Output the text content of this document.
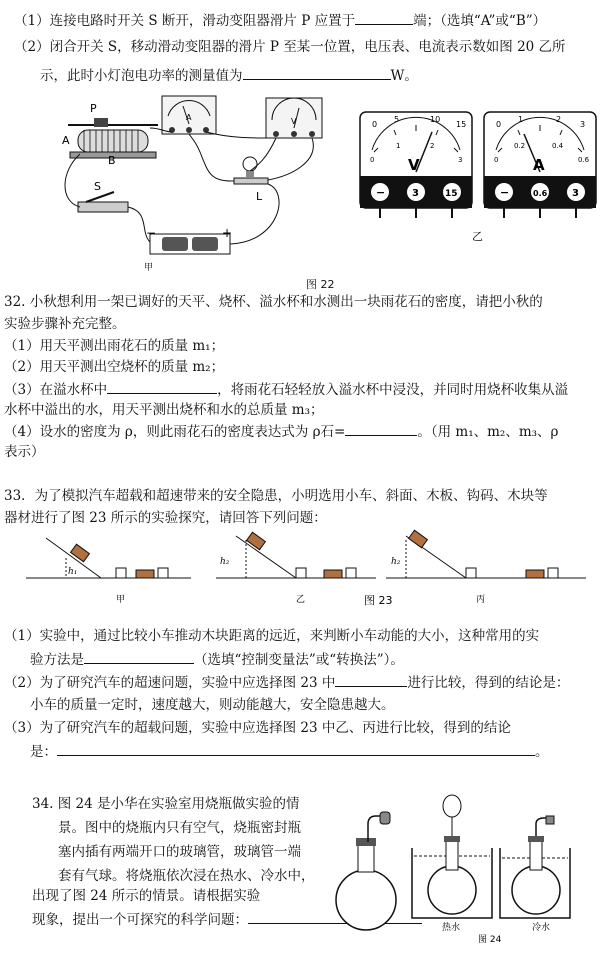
（1）连接电路时开关 S 断开，滑动变阻器滑片 P 应置于	端；（选填“A”或“B”）
（2）闭合开关 S，移动滑动变阻器的滑片 P 至某一位置，电压表、电流表示数如图 20 乙所
示，此时小灯泡电功率的测量值为	W。
P
A
B
A	V
L
S
−	+
甲
0
5	10
15
0
1	2
3
V
−	3	15
0
1	2
3
0
0.2	0.4
0.6
A
−	0.6 3
乙
图 22
32. 小秋想利用一架已调好的天平、烧杯、溢水杯和水测出一块雨花石的密度，请把小秋的
实验步骤补充完整。
（1）用天平测出雨花石的质量 m₁；
（2）用天平测出空烧杯的质量 m₂；
（3）在溢水杯中	，将雨花石轻轻放入溢水杯中浸没，并同时用烧杯收集从溢
水杯中溢出的水，用天平测出烧杯和水的总质量 m₃；
（4）设水的密度为 ρ，则此雨花石的密度表达式为 ρ石=	。（用 m₁、m₂、m₃、ρ
表示）
33．为了模拟汽车超载和超速带来的安全隐患，小明选用小车、斜面、木板、钩码、木块等
器材进行了图 23 所示的实验探究，请回答下列问题：
h₁
h₂	h₂
甲	乙	丙
图 23
（1）实验中，通过比较小车推动木块距离的远近，来判断小车动能的大小，这种常用的实
验方法是	（选填“控制变量法”或“转换法”）。
（2）为了研究汽车的超速问题，实验中应选择图 23 中	进行比较，得到的结论是：
小车的质量一定时，速度越大，则动能越大，安全隐患越大。
（3）为了研究汽车的超载问题，实验中应选择图 23 中乙、丙进行比较，得到的结论
是：	。
34. 图 24 是小华在实验室用烧瓶做实验的情
景。图中的烧瓶内只有空气，烧瓶密封瓶
塞内插有两端开口的玻璃管，玻璃管一端
套有气球。将烧瓶依次浸在热水、冷水中，
出现了图 24 所示的情景。请根据实验
现象，提出一个可探究的科学问题：	热水	冷水
图 24
